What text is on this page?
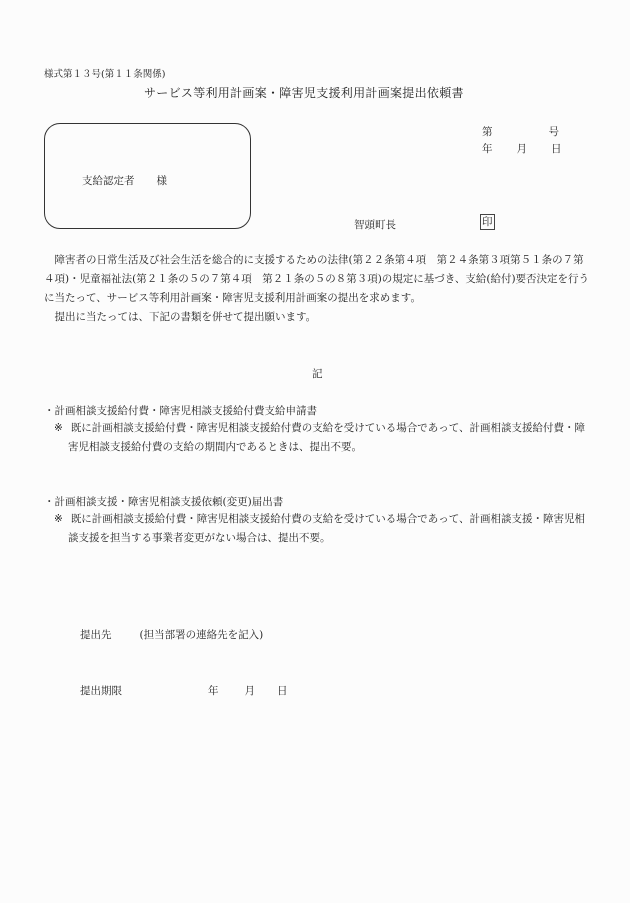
様式第１３号(第１１条関係)
サービス等利用計画案・障害児支援利用計画案提出依頼書
支給認定者 様
第	号
年 月 日
智頭町長	印

障害者の日常生活及び社会生活を総合的に支援するための法律(第２２条第４項　第２４条第３項第５１条の７第４項)・児童福祉法(第２１条の５の７第４項　第２１条の５の８第３項)の規定に基づき、支給(給付)要否決定を行うに当たって、サービス等利用計画案・障害児支援利用計画案の提出を求めます。

提出に当たっては、下記の書類を併せて提出願います。

記
・計画相談支援給付費・障害児相談支援給付費支給申請書
※ 既に計画相談支援給付費・障害児相談支援給付費の支給を受けている場合であって、計画相談支援給付費・障害児相談支援給付費の支給の期間内であるときは、提出不要。
・計画相談支援・障害児相談支援依頼(変更)届出書
※ 既に計画相談支援給付費・障害児相談支援給付費の支給を受けている場合であって、計画相談支援・障害児相談支援を担当する事業者変更がない場合は、提出不要。
提出先	(担当部署の連絡先を記入)
提出期限	年 月 日
